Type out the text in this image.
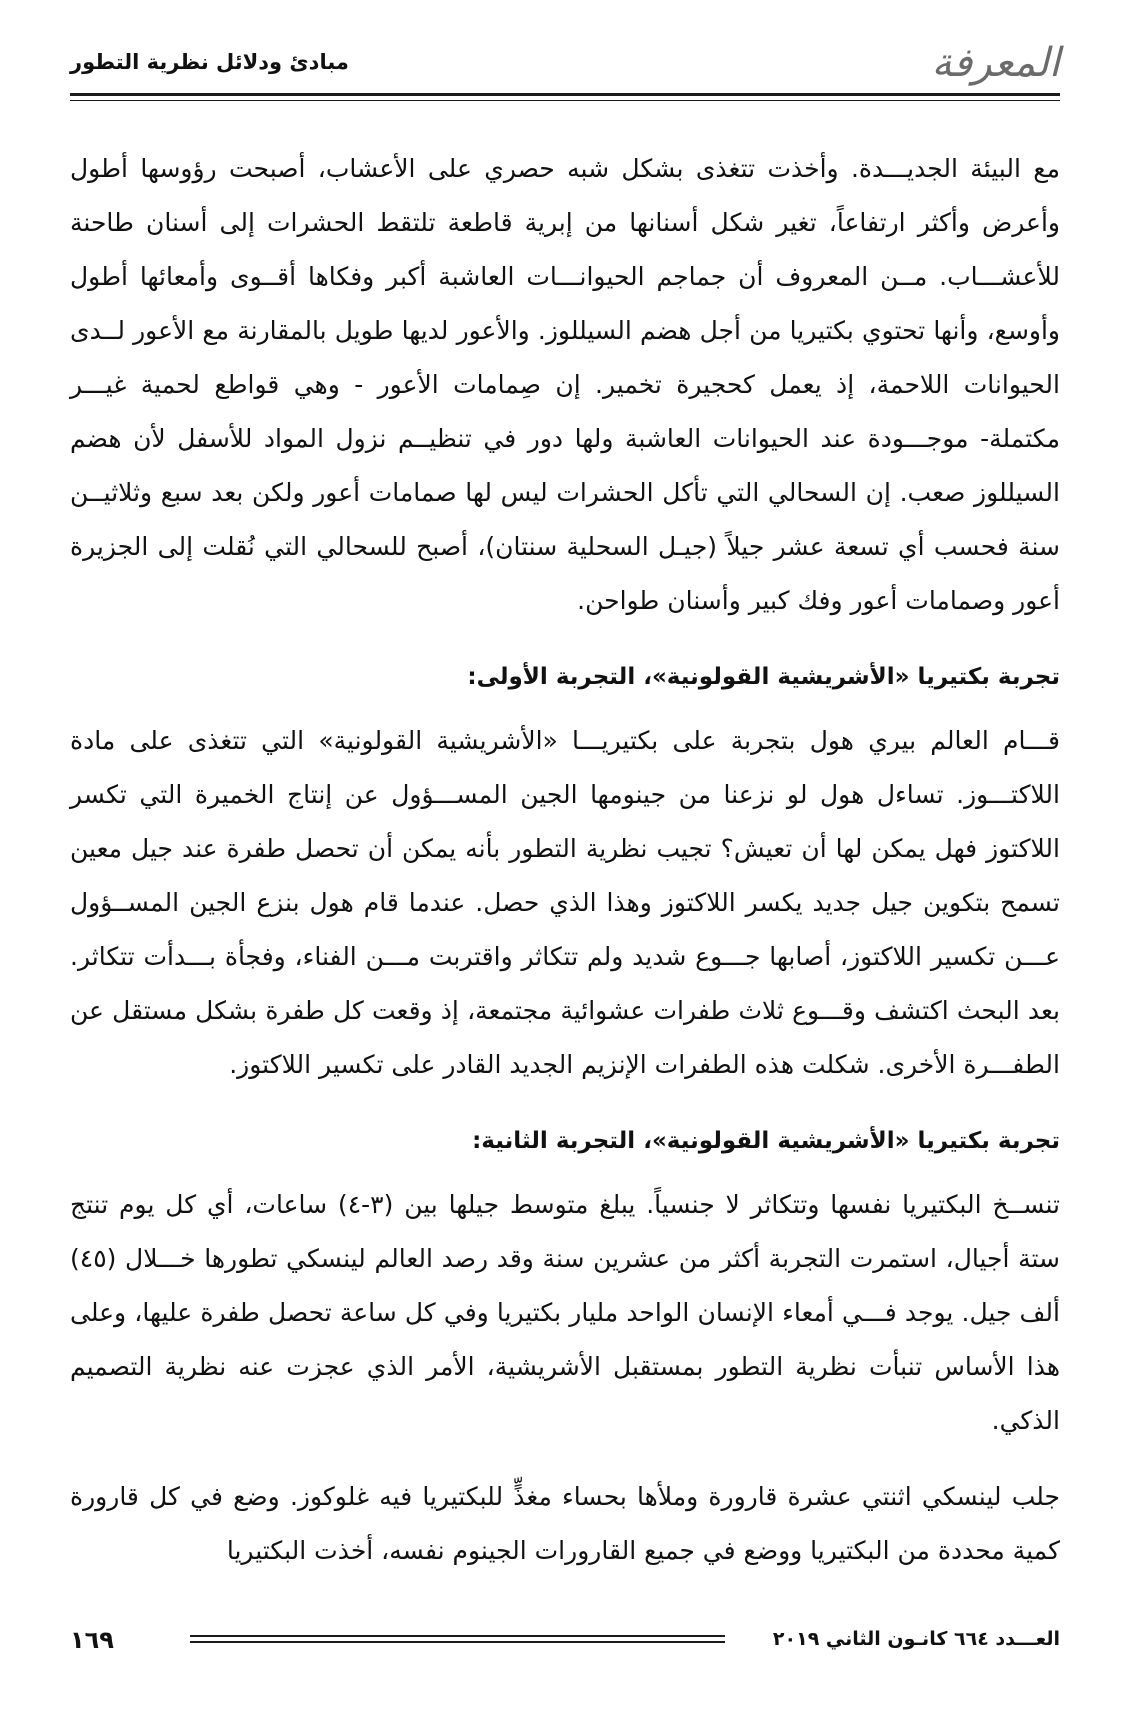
المعرفة
مبادئ ودلائل نظرية التطور

مع البيئة الجديـــدة. وأخذت تتغذى بشكل شبه حصري على الأعشاب، أصبحت رؤوسها أطول وأعرض وأكثر ارتفاعاً، تغير شكل أسنانها من إبرية قاطعة تلتقط الحشرات إلى أسنان طاحنة للأعشـــاب. مــن المعروف أن جماجم الحيوانـــات العاشبة أكبر وفكاها أقــوى وأمعائها أطول وأوسع، وأنها تحتوي بكتيريا من أجل هضم السيللوز. والأعور لديها طويل بالمقارنة مع الأعور لــدى الحيوانات اللاحمة، إذ يعمل كحجيرة تخمير. إن صِمامات الأعور - وهي قواطع لحمية غيـــر مكتملة- موجـــودة عند الحيوانات العاشبة ولها دور في تنظيــم نزول المواد للأسفل لأن هضم السيللوز صعب. إن السحالي التي تأكل الحشرات ليس لها صمامات أعور ولكن بعد سبع وثلاثيــن سنة فحسب أي تسعة عشر جيلاً (جيـل السحلية سنتان)، أصبح للسحالي التي نُقلت إلى الجزيرة أعور وصمامات أعور وفك كبير وأسنان طواحن.

تجربة بكتيريا «الأشريشية القولونية»، التجربة الأولى:

قـــام العالم بيري هول بتجربة على بكتيريـــا «الأشريشية القولونية» التي تتغذى على مادة اللاكتـــوز. تساءل هول لو نزعنا من جينومها الجين المســـؤول عن إنتاج الخميرة التي تكسر اللاكتوز فهل يمكن لها أن تعيش؟ تجيب نظرية التطور بأنه يمكن أن تحصل طفرة عند جيل معين تسمح بتكوين جيل جديد يكسر اللاكتوز وهذا الذي حصل. عندما قام هول بنزع الجين المســؤول عـــن تكسير اللاكتوز، أصابها جـــوع شديد ولم تتكاثر واقتربت مـــن الفناء، وفجأة بـــدأت تتكاثر. بعد البحث اكتشف وقـــوع ثلاث طفرات عشوائية مجتمعة، إذ وقعت كل طفرة بشكل مستقل عن الطفـــرة الأخرى. شكلت هذه الطفرات الإنزيم الجديد القادر على تكسير اللاكتوز.

تجربة بكتيريا «الأشريشية القولونية»، التجربة الثانية:

تنســخ البكتيريا نفسها وتتكاثر لا جنسياً. يبلغ متوسط جيلها بين (٣-٤) ساعات، أي كل يوم تنتج ستة أجيال، استمرت التجربة أكثر من عشرين سنة وقد رصد العالم لينسكي تطورها خـــلال (٤٥) ألف جيل. يوجد فـــي أمعاء الإنسان الواحد مليار بكتيريا وفي كل ساعة تحصل طفرة عليها، وعلى هذا الأساس تنبأت نظرية التطور بمستقبل الأشريشية، الأمر الذي عجزت عنه نظرية التصميم الذكي.

جلب لينسكي اثنتي عشرة قارورة وملأها بحساء مغذٍّ للبكتيريا فيه غلوكوز. وضع في كل قارورة كمية محددة من البكتيريا ووضع في جميع القارورات الجينوم نفسه، أخذت البكتيريا

العـــدد ٦٦٤ كانـون الثاني ٢٠١٩
١٦٩
